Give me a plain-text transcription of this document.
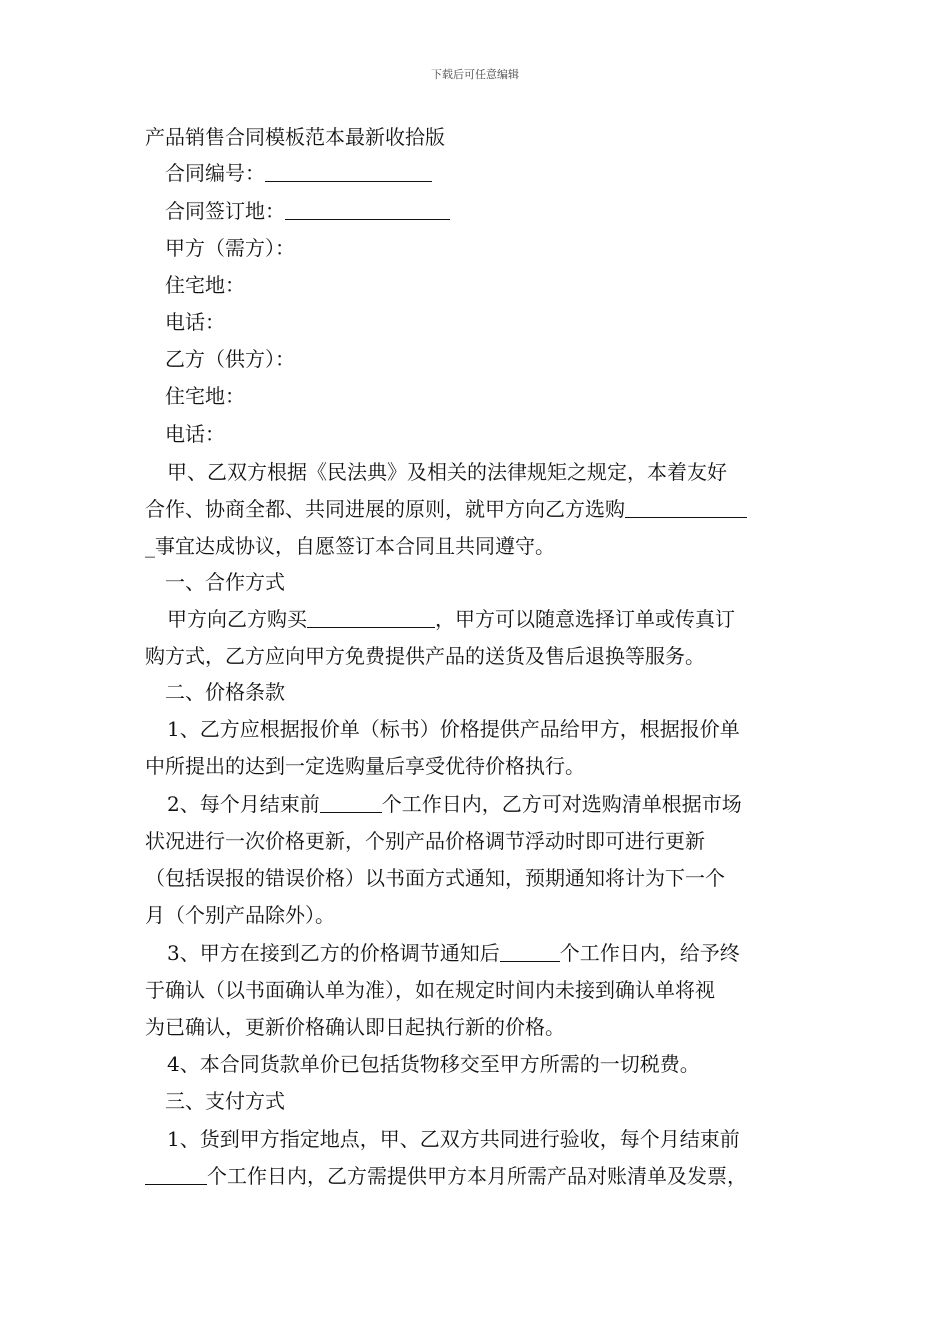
下载后可任意编辑
产品销售合同模板范本最新收拾版
合同编号：
合同签订地：
甲方（需方）：
住宅地：
电话：
乙方（供方）：
住宅地：
电话：
甲、乙双方根据《民法典》及相关的法律规矩之规定，本着友好
合作、协商全都、共同进展的原则，就甲方向乙方选购
_事宜达成协议，自愿签订本合同且共同遵守。
一、合作方式
甲方向乙方购买	，甲方可以随意选择订单或传真订
购方式，乙方应向甲方免费提供产品的送货及售后退换等服务。
二、价格条款
1、乙方应根据报价单（标书）价格提供产品给甲方，根据报价单
中所提出的达到一定选购量后享受优待价格执行。
2、每个月结束前	个工作日内，乙方可对选购清单根据市场
状况进行一次价格更新，个别产品价格调节浮动时即可进行更新
（包括误报的错误价格）以书面方式通知，预期通知将计为下一个
月（个别产品除外）。
3、甲方在接到乙方的价格调节通知后	个工作日内，给予终
于确认（以书面确认单为准），如在规定时间内未接到确认单将视
为已确认，更新价格确认即日起执行新的价格。
4、本合同货款单价已包括货物移交至甲方所需的一切税费。
三、支付方式
1、货到甲方指定地点，甲、乙双方共同进行验收，每个月结束前
个工作日内，乙方需提供甲方本月所需产品对账清单及发票，
